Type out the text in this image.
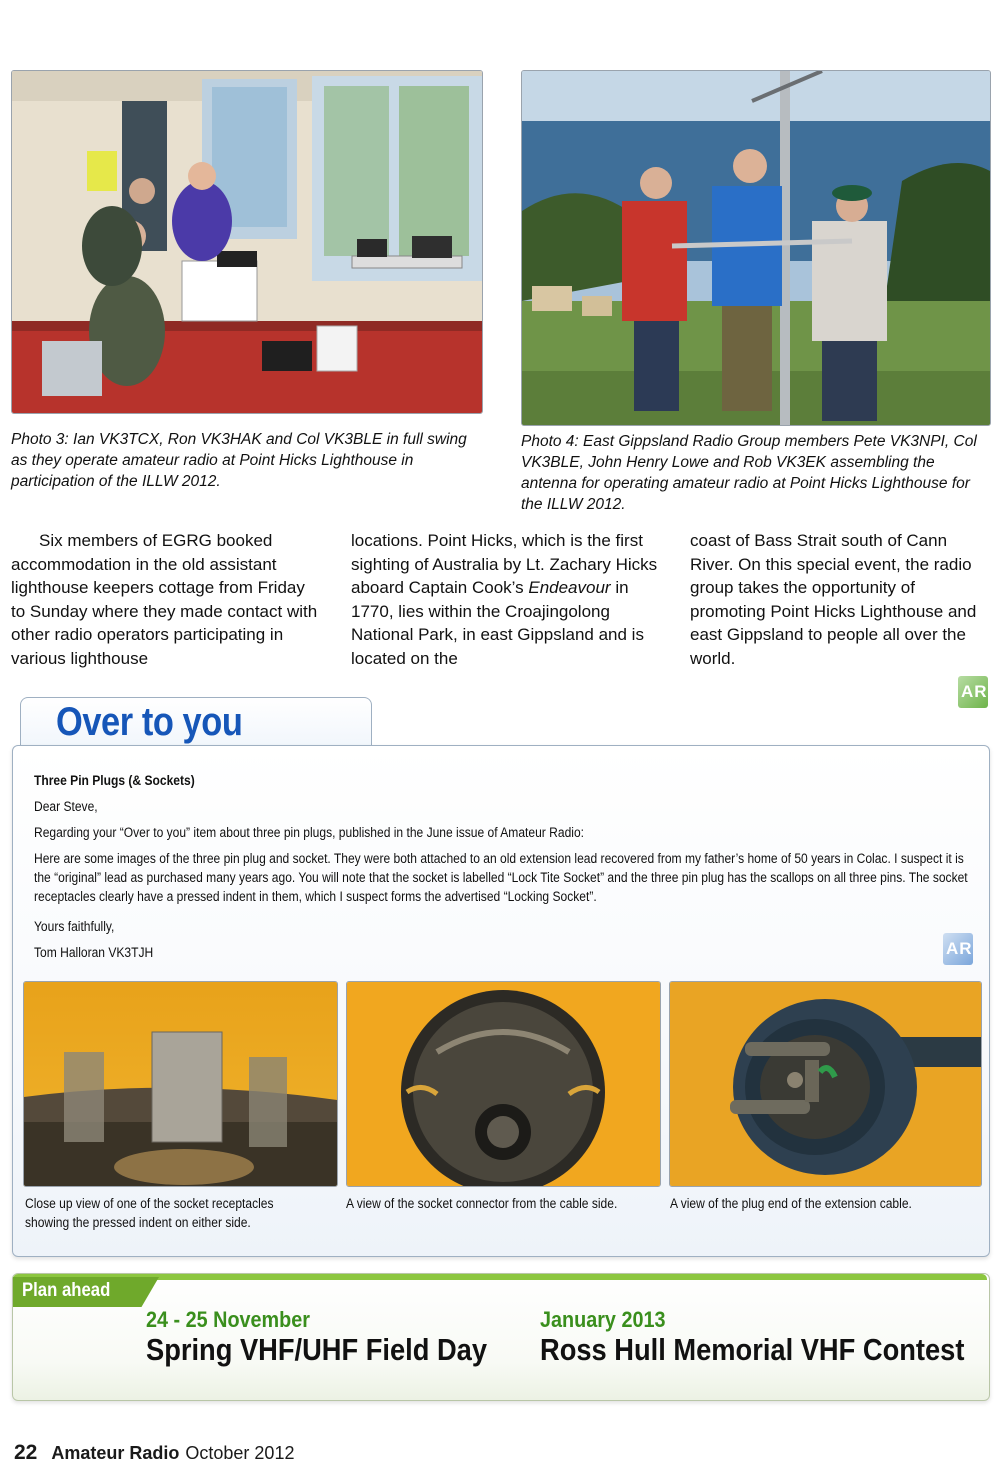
Photo 3: Ian VK3TCX, Ron VK3HAK and Col VK3BLE in full swing as they operate amateur radio at Point Hicks Lighthouse in participation of the ILLW 2012.
Photo 4: East Gippsland Radio Group members Pete VK3NPI, Col VK3BLE, John Henry Lowe and Rob VK3EK assembling the antenna for operating amateur radio at Point Hicks Lighthouse for the ILLW 2012.

Six members of EGRG booked accommodation in the old assistant lighthouse keepers cottage from Friday to Sunday where they made contact with other radio operators participating in various lighthouse

locations. Point Hicks, which is the first sighting of Australia by Lt. Zachary Hicks aboard Captain Cook’s Endeavour in 1770, lies within the Croajingolong National Park, in east Gippsland and is located on the

coast of Bass Strait south of Cann River. On this special event, the radio group takes the opportunity of promoting Point Hicks Lighthouse and east Gippsland to people all over the world.

AR
Over to you
Three Pin Plugs (& Sockets)
Dear Steve,
Regarding your “Over to you” item about three pin plugs, published in the June issue of Amateur Radio:
Here are some images of the three pin plug and socket. They were both attached to an old extension lead recovered from my father’s home of 50 years in Colac. I suspect it is the “original” lead as purchased many years ago. You will note that the socket is labelled “Lock Tite Socket” and the three pin plug has the scallops on all three pins. The socket receptacles clearly have a pressed indent in them, which I suspect forms the advertised “Locking Socket”.
Yours faithfully,
Tom Halloran VK3TJH	AR
Close up view of one of the socket receptacles showing the pressed indent on either side.
A view of the socket connector from the cable side.	A view of the plug end of the extension cable.
Plan ahead
24 - 25 November
Spring VHF/UHF Field Day
January 2013
Ross Hull Memorial VHF Contest
22 Amateur Radio October 2012
